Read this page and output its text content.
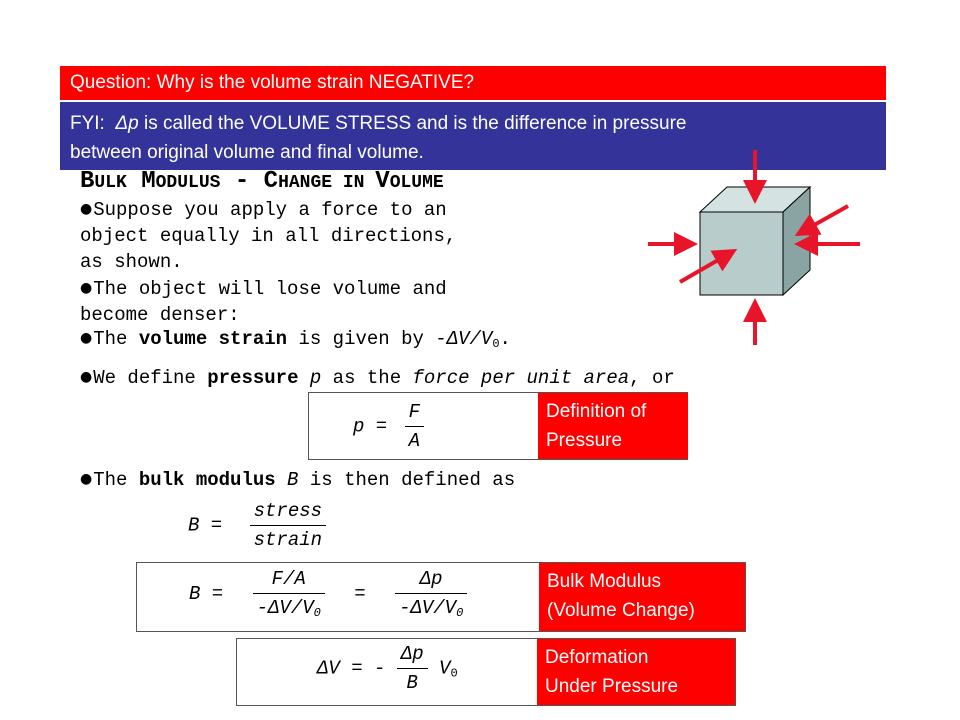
Question: Why is the volume strain NEGATIVE?
FYI:  Δp is called the VOLUME STRESS and is the difference in pressure
between original volume and final volume.
BULK MODULUS - CHANGE IN VOLUME
●Suppose you apply a force to an
object equally in all directions,
as shown.
●The object will lose volume and
become denser:
●The volume strain is given by $-\Delta V/V_0$.
●We define pressure p as the force per unit area, or
$p = \frac{F}{A}$	Definition of
Pressure
●The bulk modulus B is then defined as
$B = \frac{\text{stress}}{\text{strain}}$
$B = \frac{F/A}{-\Delta V/V_0} = \frac{\Delta p}{-\Delta V/V_0}$	Bulk Modulus
(Volume Change)
ΔV = - $\frac{\Delta p}{B} V_0$
Deformation
Under Pressure
